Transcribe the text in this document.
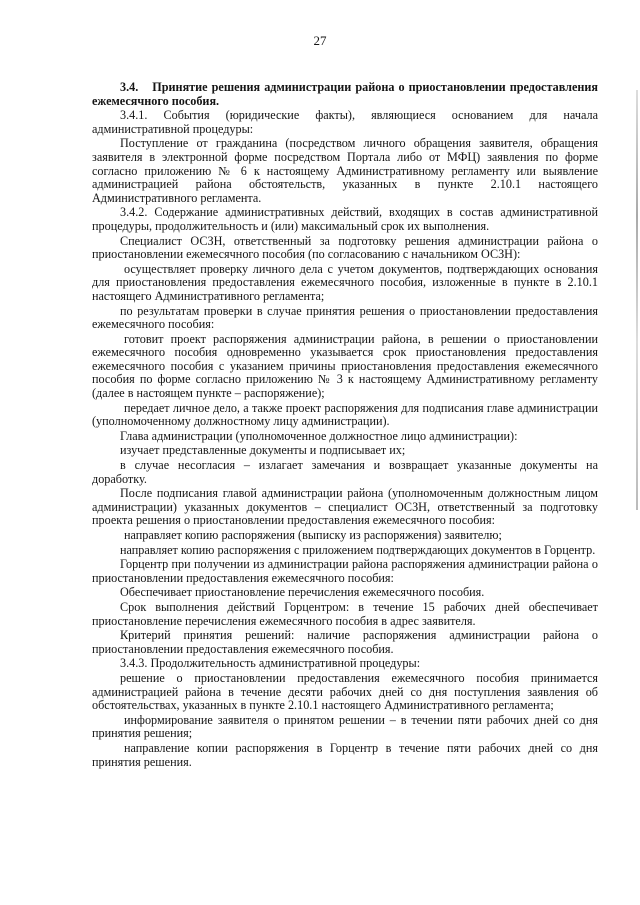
27

3.4. Принятие решения администрации района о приостановлении предоставления ежемесячного пособия.

3.4.1. События (юридические факты), являющиеся основанием для начала административной процедуры:

Поступление от гражданина (посредством личного обращения заявителя, обращения заявителя в электронной форме посредством Портала либо от МФЦ) заявления по форме согласно приложению № 6 к настоящему Административному регламенту или выявление администрацией района обстоятельств, указанных в пункте 2.10.1 настоящего Административного регламента.

3.4.2. Содержание административных действий, входящих в состав административной процедуры, продолжительность и (или) максимальный срок их выполнения.

Специалист ОСЗН, ответственный за подготовку решения администрации района о приостановлении ежемесячного пособия (по согласованию с начальником ОСЗН):

осуществляет проверку личного дела с учетом документов, подтверждающих основания для приостановления предоставления ежемесячного пособия, изложенные в пункте в 2.10.1 настоящего Административного регламента;

по результатам проверки в случае принятия решения о приостановлении предоставления ежемесячного пособия:

готовит проект распоряжения администрации района, в решении о приостановлении ежемесячного пособия одновременно указывается срок приостановления предоставления ежемесячного пособия с указанием причины приостановления предоставления ежемесячного пособия по форме согласно приложению № 3 к настоящему Административному регламенту (далее в настоящем пункте – распоряжение);

передает личное дело, а также проект распоряжения для подписания главе администрации (уполномоченному должностному лицу администрации).

Глава администрации (уполномоченное должностное лицо администрации):

изучает представленные документы и подписывает их;

в случае несогласия – излагает замечания и возвращает указанные документы на доработку.

После подписания главой администрации района (уполномоченным должностным лицом администрации) указанных документов – специалист ОСЗН, ответственный за подготовку проекта решения о приостановлении предоставления ежемесячного пособия:

направляет копию распоряжения (выписку из распоряжения) заявителю;

направляет копию распоряжения с приложением подтверждающих документов в Горцентр.

Горцентр при получении из администрации района распоряжения администрации района о приостановлении предоставления ежемесячного пособия:

Обеспечивает приостановление перечисления ежемесячного пособия.

Срок выполнения действий Горцентром: в течение 15 рабочих дней обеспечивает приостановление перечисления ежемесячного пособия в адрес заявителя.

Критерий принятия решений: наличие распоряжения администрации района о приостановлении предоставления ежемесячного пособия.

3.4.3. Продолжительность административной процедуры:

решение о приостановлении предоставления ежемесячного пособия принимается администрацией района в течение десяти рабочих дней со дня поступления заявления об обстоятельствах, указанных в пункте 2.10.1 настоящего Административного регламента;

информирование заявителя о принятом решении – в течении пяти рабочих дней со дня принятия решения;

направление копии распоряжения в Горцентр в течение пяти рабочих дней со дня принятия решения.
